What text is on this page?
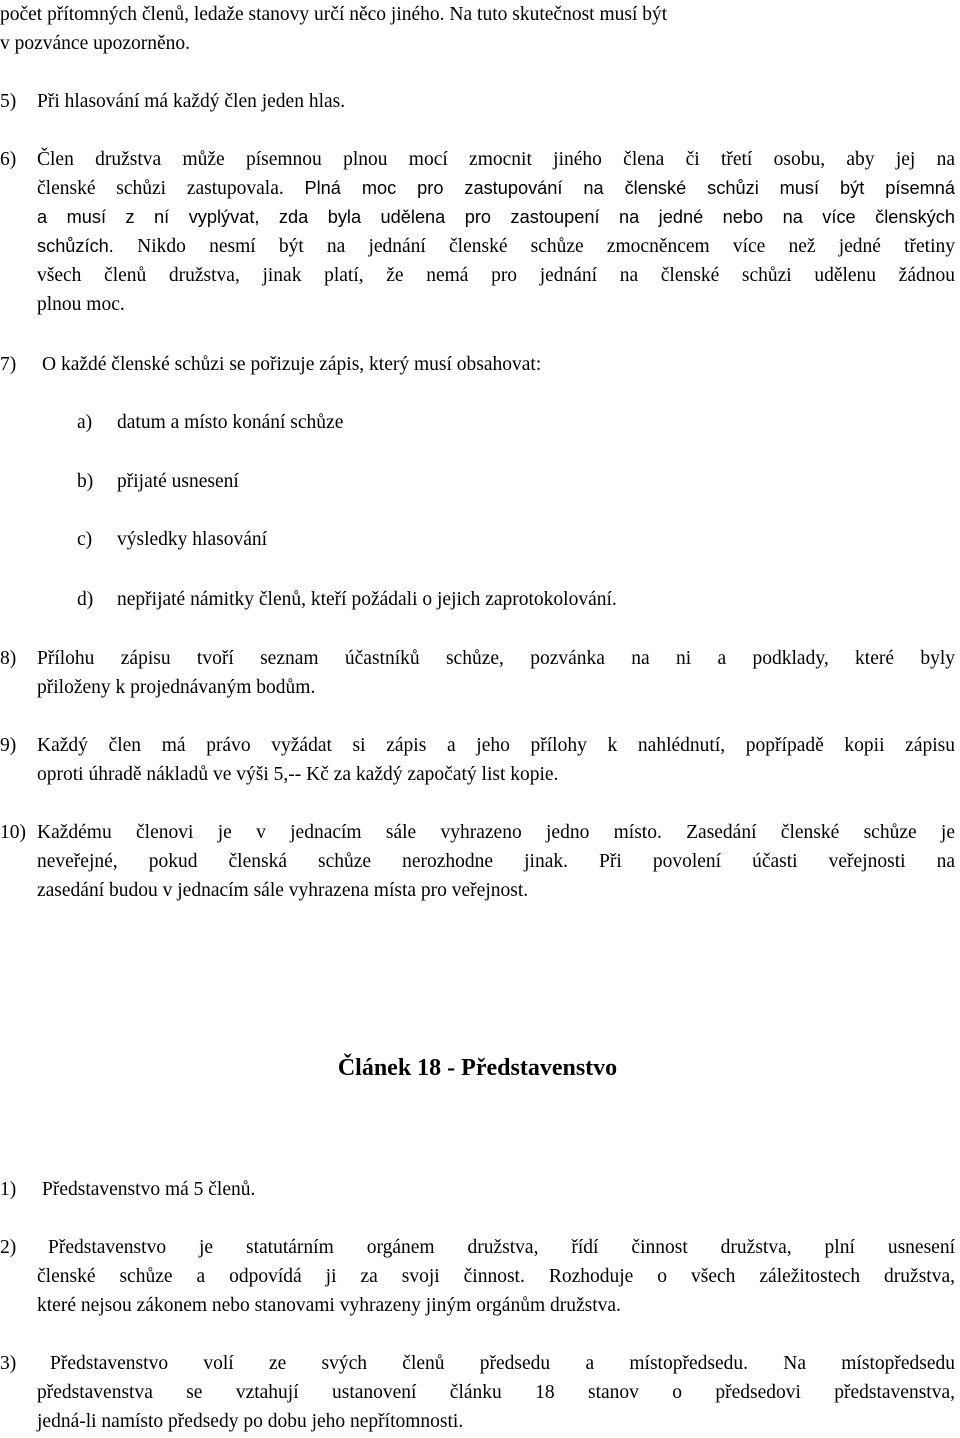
počet přítomných členů, ledaže stanovy určí něco jiného. Na tuto skutečnost musí být
v pozvánce upozorněno.
5) Při hlasování má každý člen jeden hlas.
6) Člen družstva může písemnou plnou mocí zmocnit jiného člena či třetí osobu, aby jej na
členské schůzi zastupovala. Plná moc pro zastupování na členské schůzi musí být písemná
a musí z ní vyplývat, zda byla udělena pro zastoupení na jedné nebo na více členských
schůzích. Nikdo nesmí být na jednání členské schůze zmocněncem více než jedné třetiny
všech členů družstva, jinak platí, že nemá pro jednání na členské schůzi udělenu žádnou
plnou moc.
7) O každé členské schůzi se pořizuje zápis, který musí obsahovat:
a) datum a místo konání schůze
b) přijaté usnesení
c) výsledky hlasování
d) nepřijaté námitky členů, kteří požádali o jejich zaprotokolování.
8) Přílohu zápisu tvoří seznam účastníků schůze, pozvánka na ni a podklady, které byly
přiloženy k projednávaným bodům.
9) Každý člen má právo vyžádat si zápis a jeho přílohy k nahlédnutí, popřípadě kopii zápisu
oproti úhradě nákladů ve výši 5,-- Kč za každý započatý list kopie.
10) Každému členovi je v jednacím sále vyhrazeno jedno místo. Zasedání členské schůze je
neveřejné, pokud členská schůze nerozhodne jinak. Při povolení účasti veřejnosti na
zasedání budou v jednacím sále vyhrazena místa pro veřejnost.
Článek 18 - Představenstvo
1) Představenstvo má 5 členů.
2) Představenstvo je statutárním orgánem družstva, řídí činnost družstva, plní usnesení
členské schůze a odpovídá ji za svoji činnost. Rozhoduje o všech záležitostech družstva,
které nejsou zákonem nebo stanovami vyhrazeny jiným orgánům družstva.
3) Představenstvo volí ze svých členů předsedu a místopředsedu. Na místopředsedu
představenstva se vztahují ustanovení článku 18 stanov o předsedovi představenstva,
jedná-li namísto předsedy po dobu jeho nepřítomnosti.
